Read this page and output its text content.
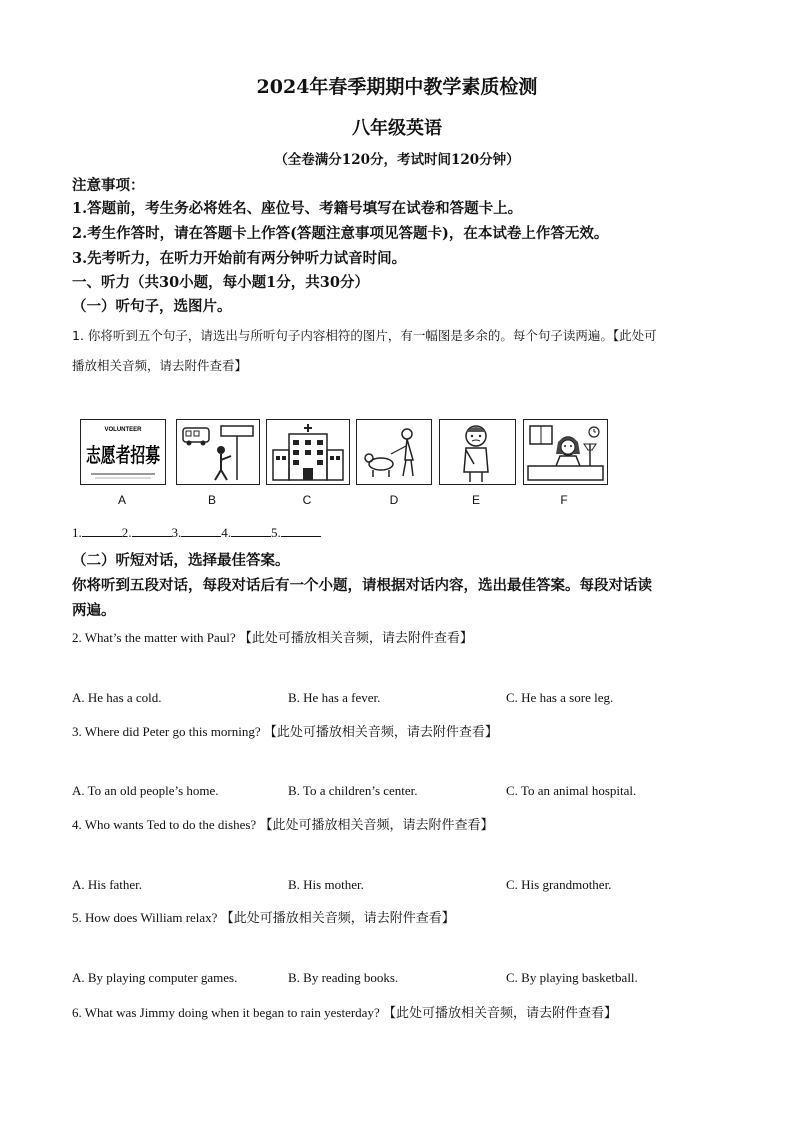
2024年春季期期中教学素质检测
八年级英语
（全卷满分120分，考试时间120分钟）
注意事项：
1.答题前，考生务必将姓名、座位号、考籍号填写在试卷和答题卡上。
2.考生作答时，请在答题卡上作答(答题注意事项见答题卡)，在本试卷上作答无效。
3.先考听力，在听力开始前有两分钟听力试音时间。
一、听力（共30小题，每小题1分，共30分）
（一）听句子，选图片。
1. 你将听到五个句子，请选出与所听句子内容相符的图片，有一幅图是多余的。每个句子读两遍。【此处可
播放相关音频，请去附件查看】
VOLUNTEER
志愿者招募
A	B	C	D	E	F
1.	2.	3.	4.	5.
（二）听短对话，选择最佳答案。
你将听到五段对话，每段对话后有一个小题，请根据对话内容，选出最佳答案。每段对话读
两遍。
2. What’s the matter with Paul? 【此处可播放相关音频，请去附件查看】
A. He has a cold.	B. He has a fever.	C. He has a sore leg.
3. Where did Peter go this morning? 【此处可播放相关音频，请去附件查看】
A. To an old people’s home.	B. To a children’s center.	C. To an animal hospital.
4. Who wants Ted to do the dishes? 【此处可播放相关音频，请去附件查看】
A. His father.	B. His mother.	C. His grandmother.
5. How does William relax? 【此处可播放相关音频，请去附件查看】
A. By playing computer games.	B. By reading books.	C. By playing basketball.
6. What was Jimmy doing when it began to rain yesterday? 【此处可播放相关音频，请去附件查看】
